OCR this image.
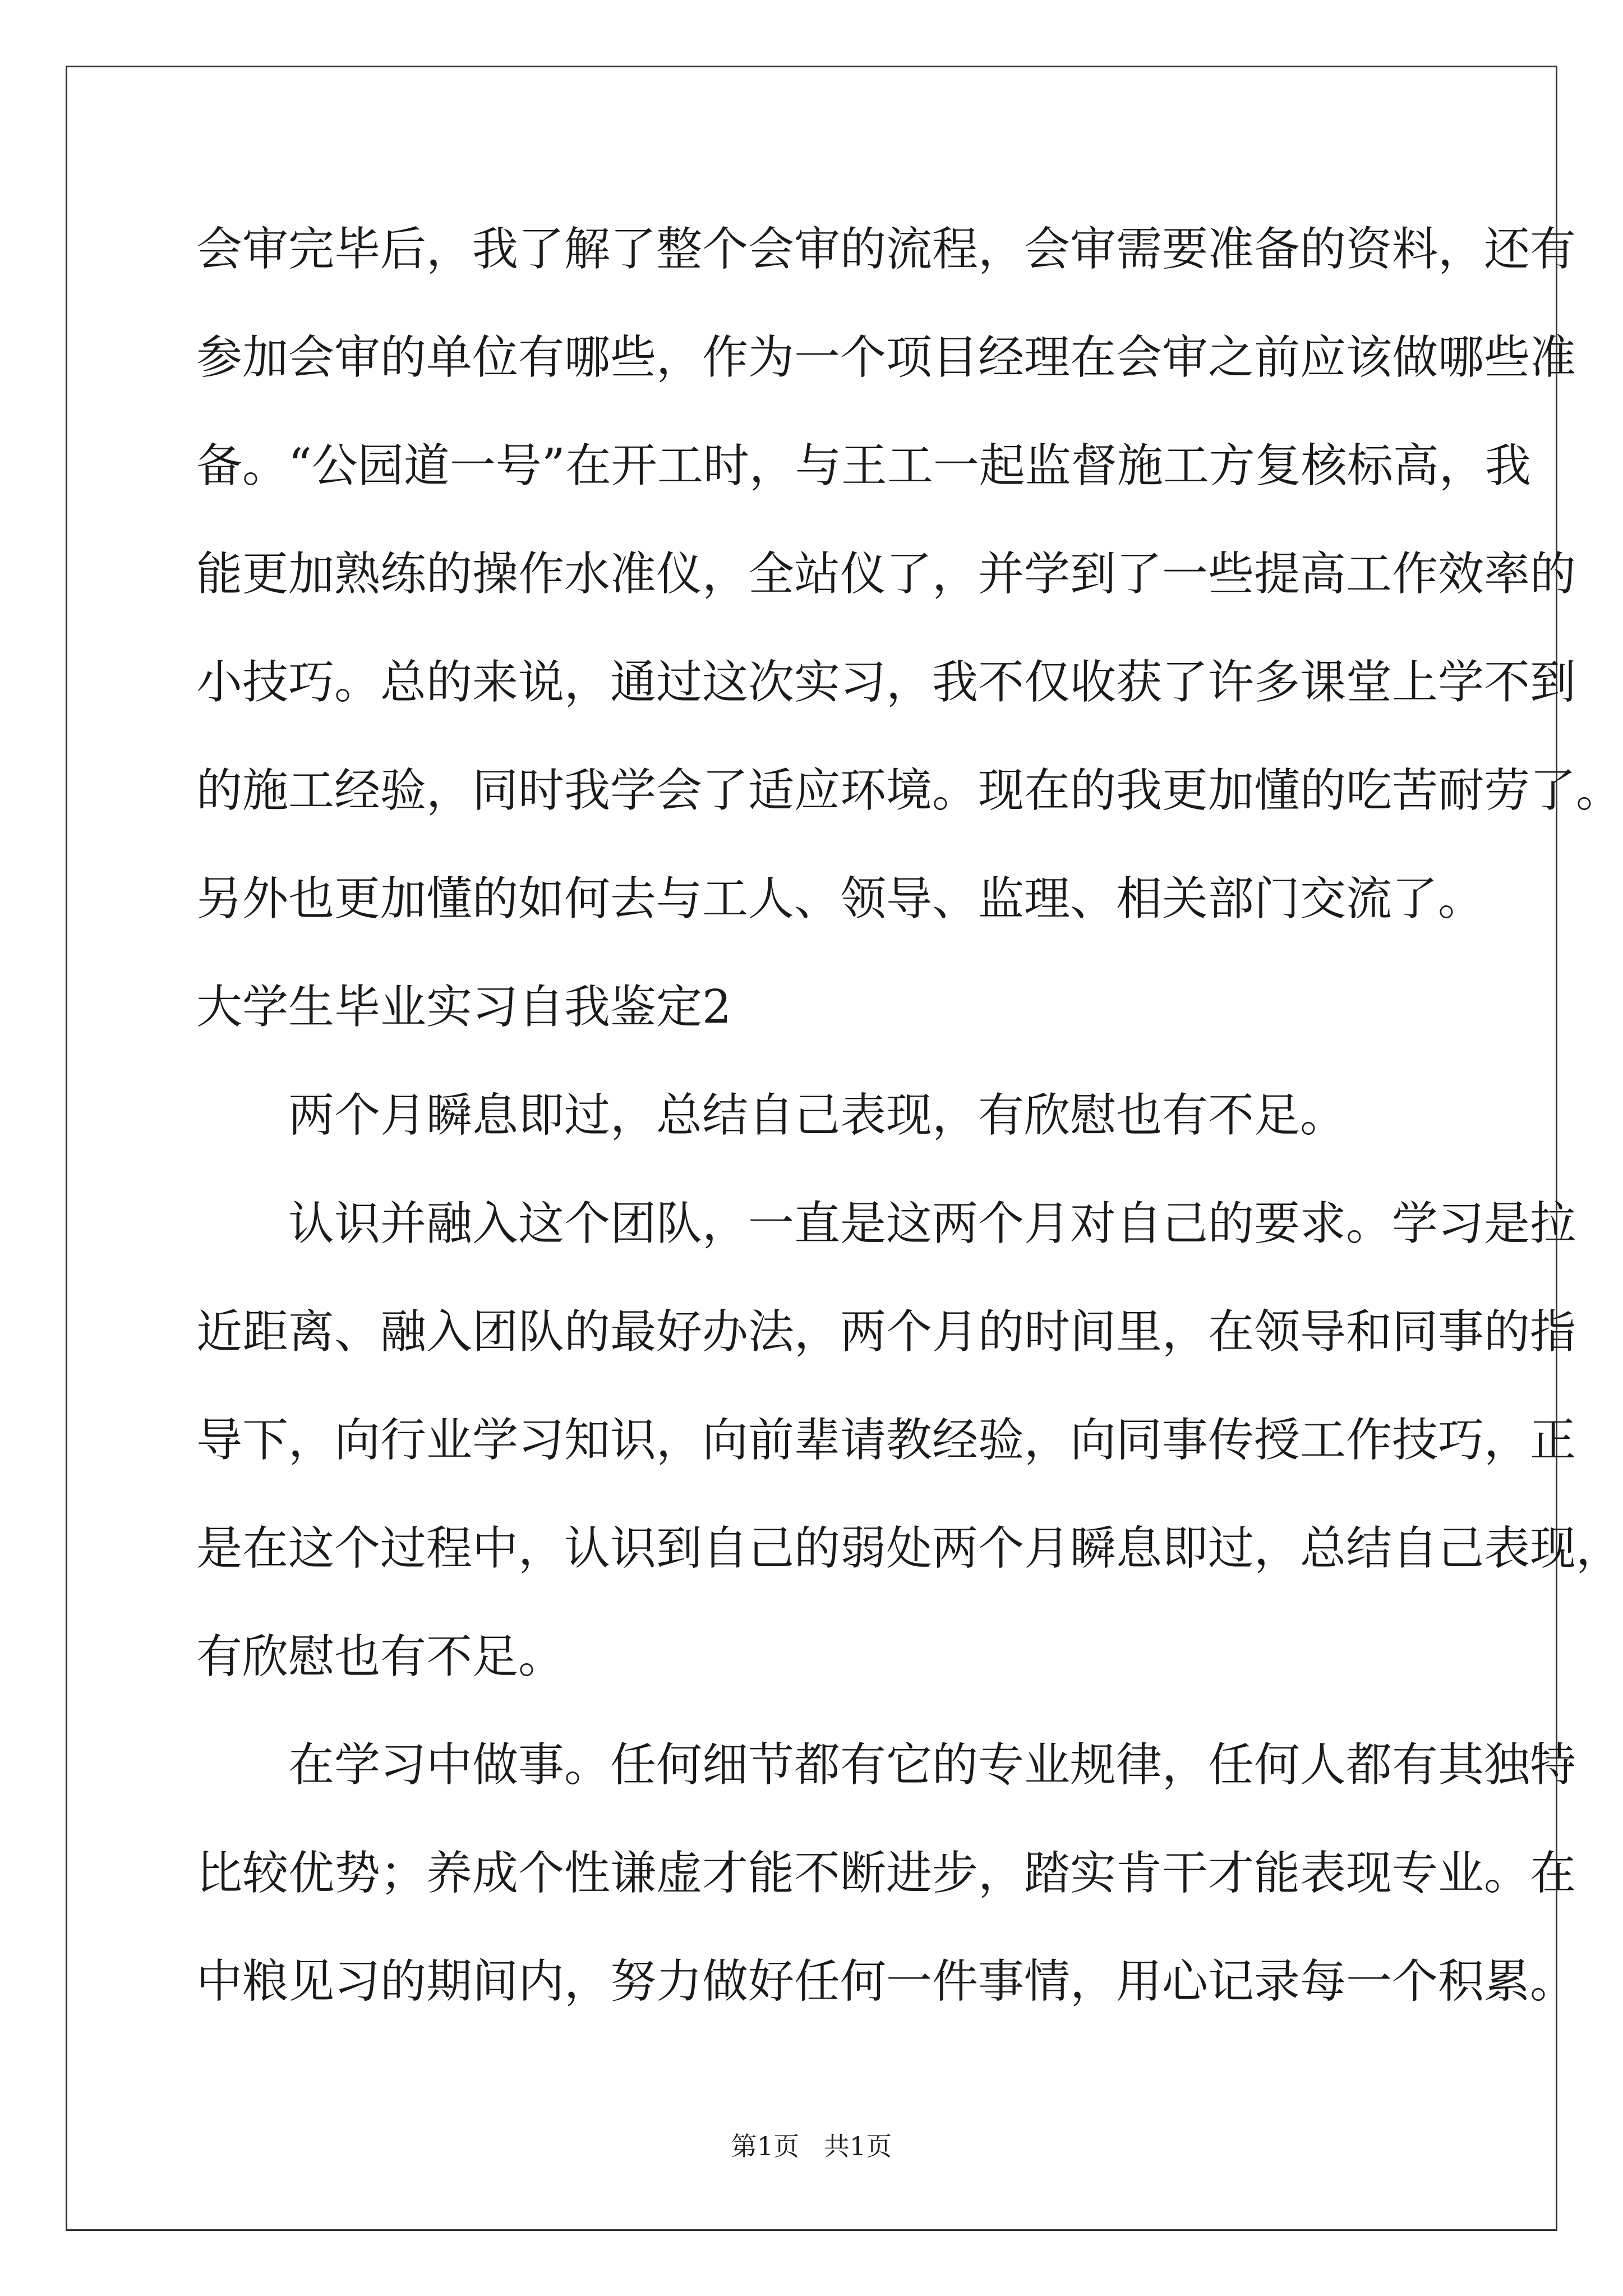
会审完毕后，我了解了整个会审的流程，会审需要准备的资料，还有
参加会审的单位有哪些，作为一个项目经理在会审之前应该做哪些准
备。“公园道一号”在开工时，与王工一起监督施工方复核标高，我
能更加熟练的操作水准仪，全站仪了，并学到了一些提高工作效率的
小技巧。总的来说，通过这次实习，我不仅收获了许多课堂上学不到
的施工经验，同时我学会了适应环境。现在的我更加懂的吃苦耐劳了。
另外也更加懂的如何去与工人、领导、监理、相关部门交流了。
大学生毕业实习自我鉴定2
两个月瞬息即过，总结自己表现，有欣慰也有不足。
认识并融入这个团队，一直是这两个月对自己的要求。学习是拉
近距离、融入团队的最好办法，两个月的时间里，在领导和同事的指
导下，向行业学习知识，向前辈请教经验，向同事传授工作技巧，正
是在这个过程中，认识到自己的弱处两个月瞬息即过，总结自己表现，
有欣慰也有不足。
在学习中做事。任何细节都有它的专业规律，任何人都有其独特
比较优势；养成个性谦虚才能不断进步，踏实肯干才能表现专业。在
中粮见习的期间内，努力做好任何一件事情，用心记录每一个积累。
第1页   共1页
